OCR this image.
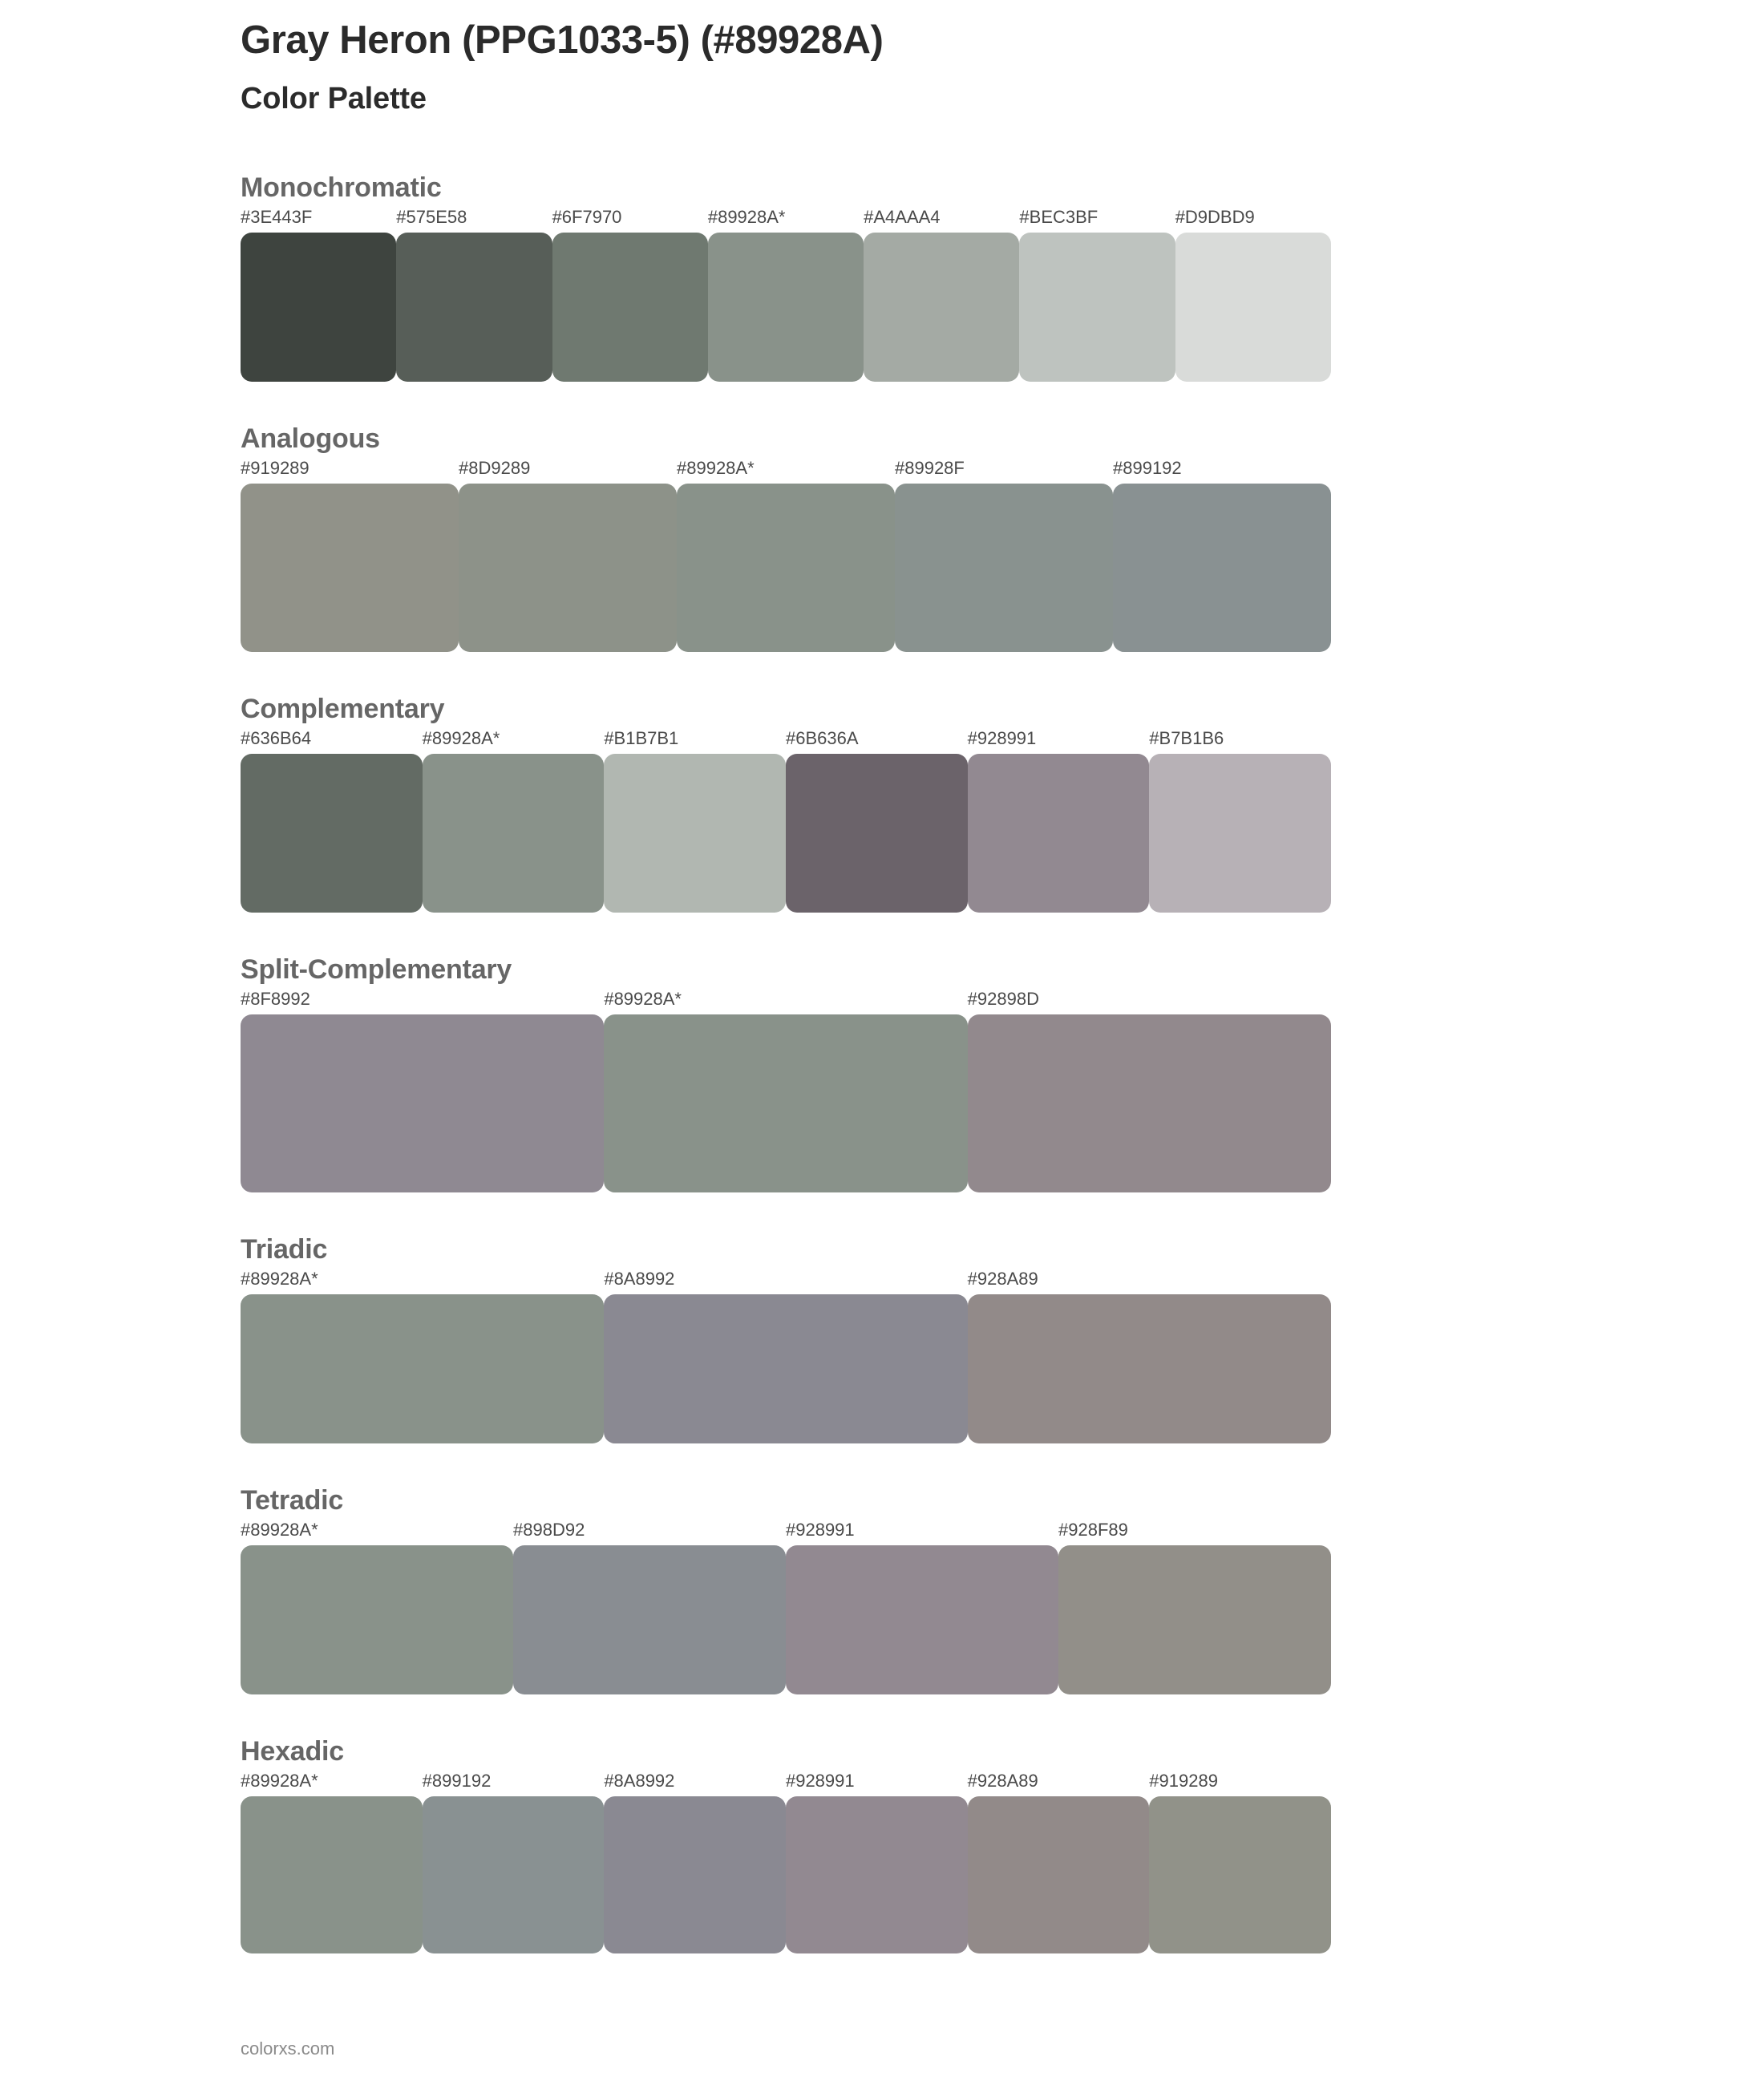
Gray Heron (PPG1033-5) (#89928A)
Color Palette
Monochromatic
#3E443F	#575E58	#6F7970	#89928A*	#A4AAA4	#BEC3BF	#D9DBD9
Analogous
#919289	#8D9289	#89928A*	#89928F	#899192
Complementary
#636B64	#89928A*	#B1B7B1	#6B636A	#928991	#B7B1B6
Split-Complementary
#8F8992	#89928A*	#92898D
Triadic
#89928A*	#8A8992	#928A89
Tetradic
#89928A*	#898D92	#928991	#928F89
Hexadic
#89928A*	#899192	#8A8992	#928991	#928A89	#919289
colorxs.com
